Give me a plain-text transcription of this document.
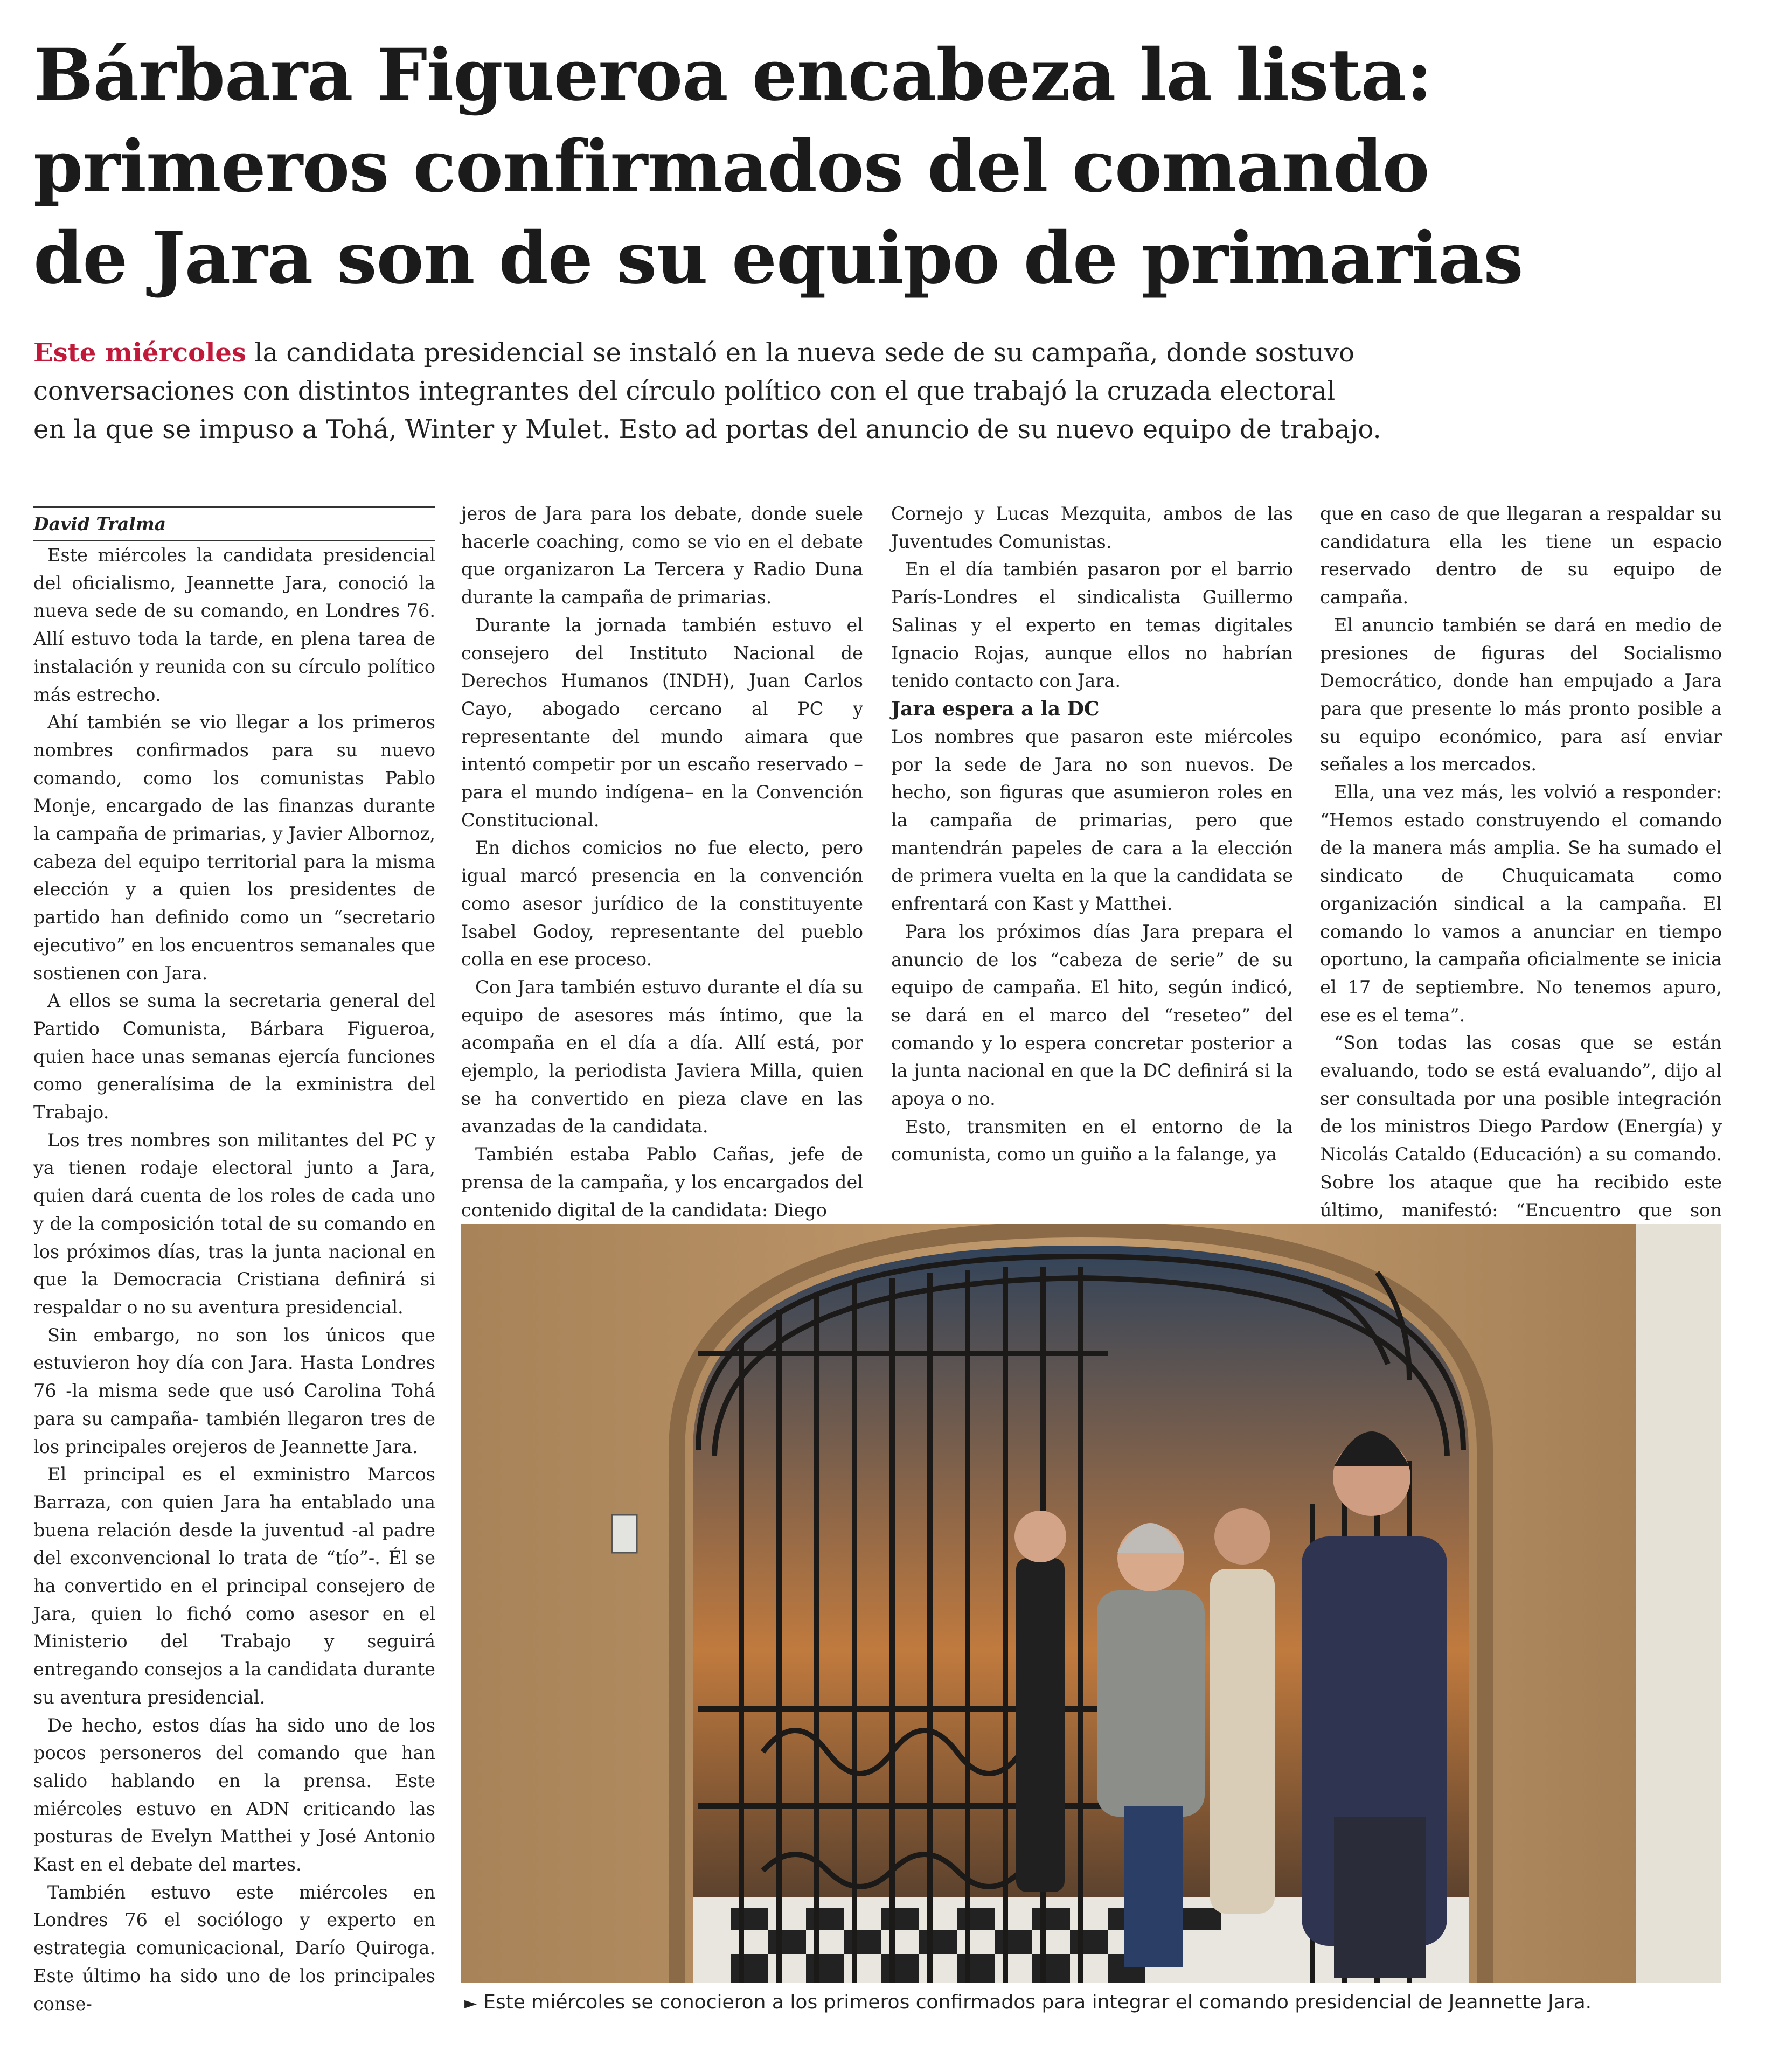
Bárbara Figueroa encabeza la lista:
primeros confirmados del comando
de Jara son de su equipo de primarias
Este miércoles la candidata presidencial se instaló en la nueva sede de su campaña, donde sostuvo
conversaciones con distintos integrantes del círculo político con el que trabajó la cruzada electoral
en la que se impuso a Tohá, Winter y Mulet. Esto ad portas del anuncio de su nuevo equipo de trabajo.

David Tralma

Este miércoles la candidata presidencial del oficialismo, Jeannette Jara, conoció la nueva sede de su comando, en Londres 76. Allí estuvo toda la tarde, en plena tarea de instalación y reunida con su círculo político más estrecho.

Ahí también se vio llegar a los primeros nombres confirmados para su nuevo comando, como los comunistas Pablo Monje, encargado de las finanzas durante la campaña de primarias, y Javier Albornoz, cabeza del equipo territorial para la misma elección y a quien los presidentes de partido han definido como un “secretario ejecutivo” en los encuentros semanales que sostienen con Jara.

A ellos se suma la secretaria general del Partido Comunista, Bárbara Figueroa, quien hace unas semanas ejercía funciones como generalísima de la exministra del Trabajo.

Los tres nombres son militantes del PC y ya tienen rodaje electoral junto a Jara, quien dará cuenta de los roles de cada uno y de la composición total de su comando en los próximos días, tras la junta nacional en que la Democracia Cristiana definirá si respaldar o no su aventura presidencial.

Sin embargo, no son los únicos que estuvieron hoy día con Jara. Hasta Londres 76 -la misma sede que usó Carolina Tohá para su campaña- también llegaron tres de los principales orejeros de Jeannette Jara.

El principal es el exministro Marcos Barraza, con quien Jara ha entablado una buena relación desde la juventud -al padre del exconvencional lo trata de “tío”-. Él se ha convertido en el principal consejero de Jara, quien lo fichó como asesor en el Ministerio del Trabajo y seguirá entregando consejos a la candidata durante su aventura presidencial.

De hecho, estos días ha sido uno de los pocos personeros del comando que han salido hablando en la prensa. Este miércoles estuvo en ADN criticando las posturas de Evelyn Matthei y José Antonio Kast en el debate del martes.

También estuvo este miércoles en Londres 76 el sociólogo y experto en estrategia comunicacional, Darío Quiroga. Este último ha sido uno de los principales conse-

jeros de Jara para los debate, donde suele hacerle coaching, como se vio en el debate que organizaron La Tercera y Radio Duna durante la campaña de primarias.

Durante la jornada también estuvo el consejero del Instituto Nacional de Derechos Humanos (INDH), Juan Carlos Cayo, abogado cercano al PC y representante del mundo aimara que intentó competir por un escaño reservado –para el mundo indígena– en la Convención Constitucional.

En dichos comicios no fue electo, pero igual marcó presencia en la convención como asesor jurídico de la constituyente Isabel Godoy, representante del pueblo colla en ese proceso.

Con Jara también estuvo durante el día su equipo de asesores más íntimo, que la acompaña en el día a día. Allí está, por ejemplo, la periodista Javiera Milla, quien se ha convertido en pieza clave en las avanzadas de la candidata.

También estaba Pablo Cañas, jefe de prensa de la campaña, y los encargados del contenido digital de la candidata: Diego

Cornejo y Lucas Mezquita, ambos de las Juventudes Comunistas.

En el día también pasaron por el barrio París-Londres el sindicalista Guillermo Salinas y el experto en temas digitales Ignacio Rojas, aunque ellos no habrían tenido contacto con Jara.

Jara espera a la DC

Los nombres que pasaron este miércoles por la sede de Jara no son nuevos. De hecho, son figuras que asumieron roles en la campaña de primarias, pero que mantendrán papeles de cara a la elección de primera vuelta en la que la candidata se enfrentará con Kast y Matthei.

Para los próximos días Jara prepara el anuncio de los “cabeza de serie” de su equipo de campaña. El hito, según indicó, se dará en el marco del “reseteo” del comando y lo espera concretar posterior a la junta nacional en que la DC definirá si la apoya o no.

Esto, transmiten en el entorno de la comunista, como un guiño a la falange, ya

que en caso de que llegaran a respaldar su candidatura ella les tiene un espacio reservado dentro de su equipo de campaña.

El anuncio también se dará en medio de presiones de figuras del Socialismo Democrático, donde han empujado a Jara para que presente lo más pronto posible a su equipo económico, para así enviar señales a los mercados.

Ella, una vez más, les volvió a responder: “Hemos estado construyendo el comando de la manera más amplia. Se ha sumado el sindicato de Chuquicamata como organización sindical a la campaña. El comando lo vamos a anunciar en tiempo oportuno, la campaña oficialmente se inicia el 17 de septiembre. No tenemos apuro, ese es el tema”.

“Son todas las cosas que se están evaluando, todo se está evaluando”, dijo al ser consultada por una posible integración de los ministros Diego Pardow (Energía) y Nicolás Cataldo (Educación) a su comando. Sobre los ataque que ha recibido este último, manifestó: “Encuentro que son

► Este miércoles se conocieron a los primeros confirmados para integrar el comando presidencial de Jeannette Jara.
